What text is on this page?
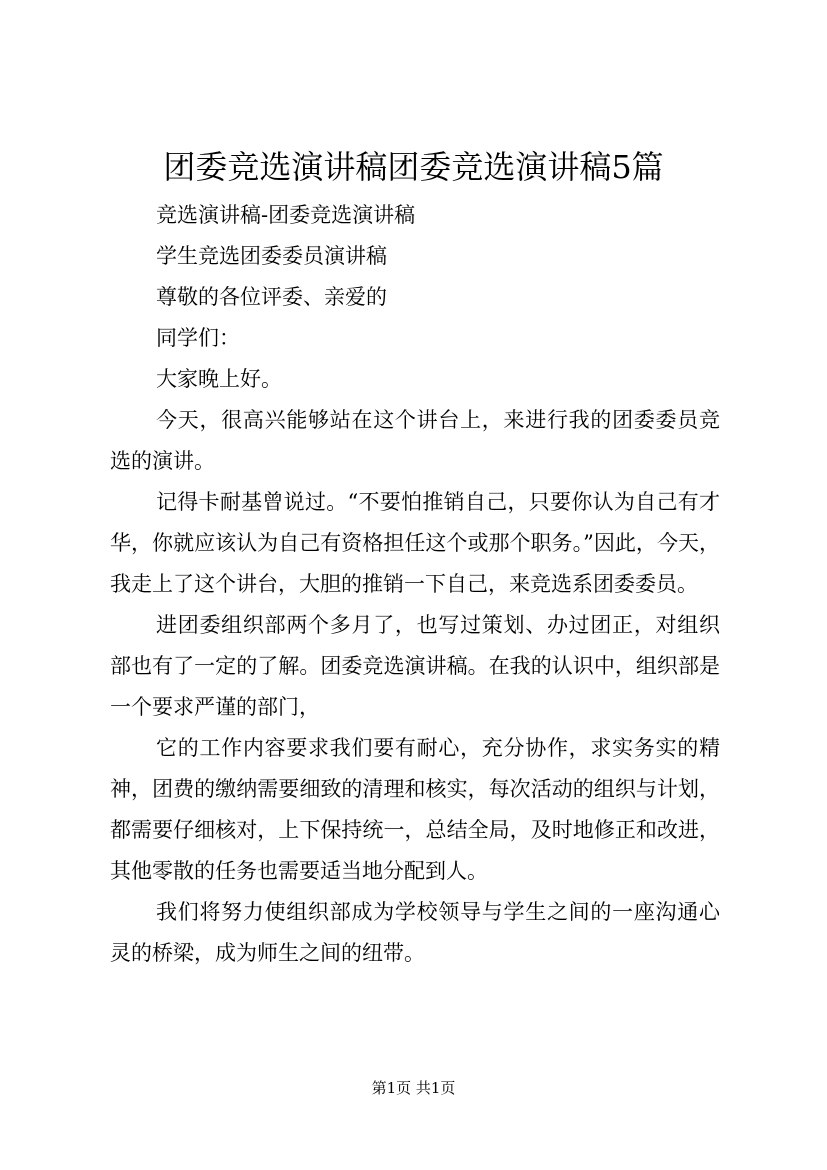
团委竞选演讲稿团委竞选演讲稿5篇

竞选演讲稿-团委竞选演讲稿

学生竞选团委委员演讲稿

尊敬的各位评委、亲爱的

同学们：

大家晚上好。

今天，很高兴能够站在这个讲台上，来进行我的团委委员竞选的演讲。

记得卡耐基曾说过。“不要怕推销自己，只要你认为自己有才华，你就应该认为自己有资格担任这个或那个职务。”因此，今天，我走上了这个讲台，大胆的推销一下自己，来竞选系团委委员。

进团委组织部两个多月了，也写过策划、办过团正，对组织部也有了一定的了解。团委竞选演讲稿。在我的认识中，组织部是一个要求严谨的部门，

它的工作内容要求我们要有耐心，充分协作，求实务实的精神，团费的缴纳需要细致的清理和核实，每次活动的组织与计划，都需要仔细核对，上下保持统一，总结全局，及时地修正和改进，其他零散的任务也需要适当地分配到人。

我们将努力使组织部成为学校领导与学生之间的一座沟通心灵的桥梁，成为师生之间的纽带。

第1页 共1页
